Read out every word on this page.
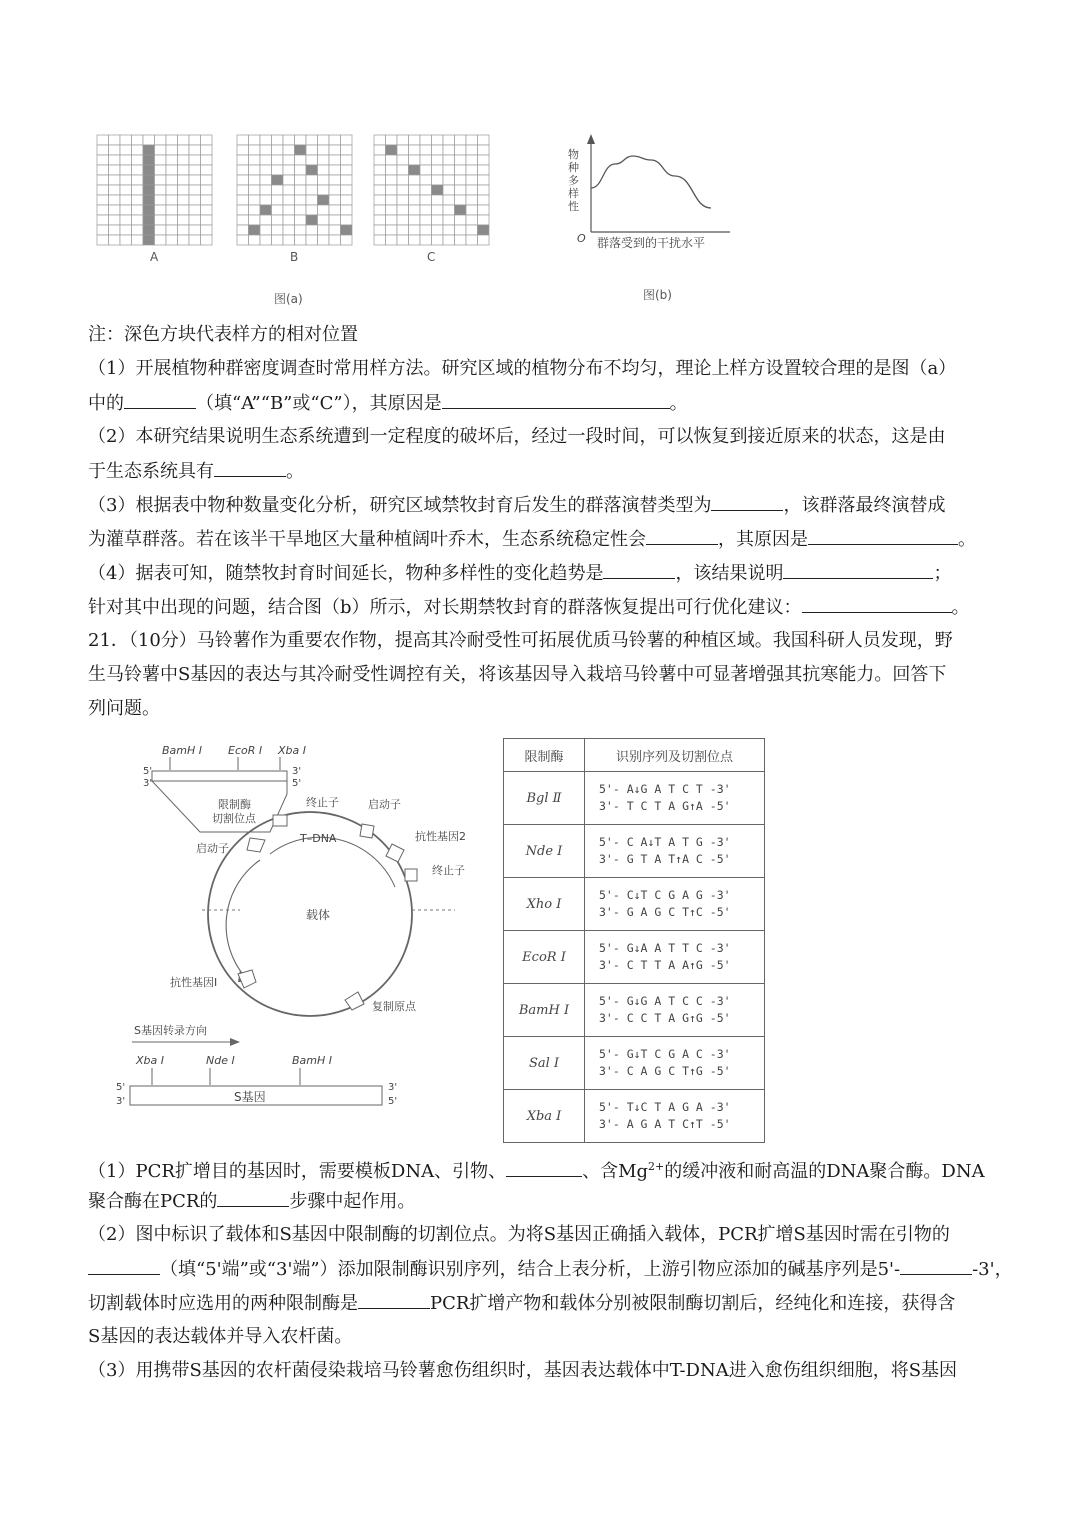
A	B	C
图(a)
物种多样性
O 群落受到的干扰水平
图(b)
注：深色方块代表样方的相对位置
（1）开展植物种群密度调查时常用样方法。研究区域的植物分布不均匀，理论上样方设置较合理的是图（a）
中的	（填“A”“B”或“C”），其原因是	。
（2）本研究结果说明生态系统遭到一定程度的破坏后，经过一段时间，可以恢复到接近原来的状态，这是由
于生态系统具有	。
（3）根据表中物种数量变化分析，研究区域禁牧封育后发生的群落演替类型为	，该群落最终演替成
为灌草群落。若在该半干旱地区大量种植阔叶乔木，生态系统稳定性会	，其原因是	。
（4）据表可知，随禁牧封育时间延长，物种多样性的变化趋势是	，该结果说明	；
针对其中出现的问题，结合图（b）所示，对长期禁牧封育的群落恢复提出可行优化建议：	。
21．（10分）马铃薯作为重要农作物，提高其冷耐受性可拓展优质马铃薯的种植区域。我国科研人员发现，野
生马铃薯中S基因的表达与其冷耐受性调控有关，将该基因导入栽培马铃薯中可显著增强其抗寒能力。回答下
列问题。
BamH Ⅰ EcoR Ⅰ Xba Ⅰ
5'
3'
3'
5'
限制酶
切割位点
终止子	启动子
T–DNA	抗性基因2
终止子
启动子
载体
抗性基因Ⅰ
复制原点
S基因转录方向
Xba Ⅰ	Nde Ⅰ	BamH Ⅰ
5'
3'
3'
5'
S基因
限制酶	识别序列及切割位点
Bgl Ⅱ	5'- A↓G A T C T -3'
3'- T C T A G↑A -5'

Nde Ⅰ	5'- C A↓T A T G -3'
3'- G T A T↑A C -5'

Xho Ⅰ	5'- C↓T C G A G -3'
3'- G A G C T↑C -5'

EcoR Ⅰ	5'- G↓A A T T C -3'
3'- C T T A A↑G -5'

BamH Ⅰ	5'- G↓G A T C C -3'
3'- C C T A G↑G -5'

Sal Ⅰ	5'- G↓T C G A C -3'
3'- C A G C T↑G -5'

Xba Ⅰ	5'- T↓C T A G A -3'
3'- A G A T C↑T -5'
（1）PCR扩增目的基因时，需要模板DNA、引物、	、含$Mg^{2+}$的缓冲液和耐高温的DNA聚合酶。DNA
聚合酶在PCR的	步骤中起作用。
（2）图中标识了载体和S基因中限制酶的切割位点。为将S基因正确插入载体，PCR扩增S基因时需在引物的
（填“5'端”或“3'端”）添加限制酶识别序列，结合上表分析，上游引物应添加的碱基序列是5'-	-3'，
切割载体时应选用的两种限制酶是	PCR扩增产物和载体分别被限制酶切割后，经纯化和连接，获得含
S基因的表达载体并导入农杆菌。
（3）用携带S基因的农杆菌侵染栽培马铃薯愈伤组织时，基因表达载体中T-DNA进入愈伤组织细胞，将S基因
